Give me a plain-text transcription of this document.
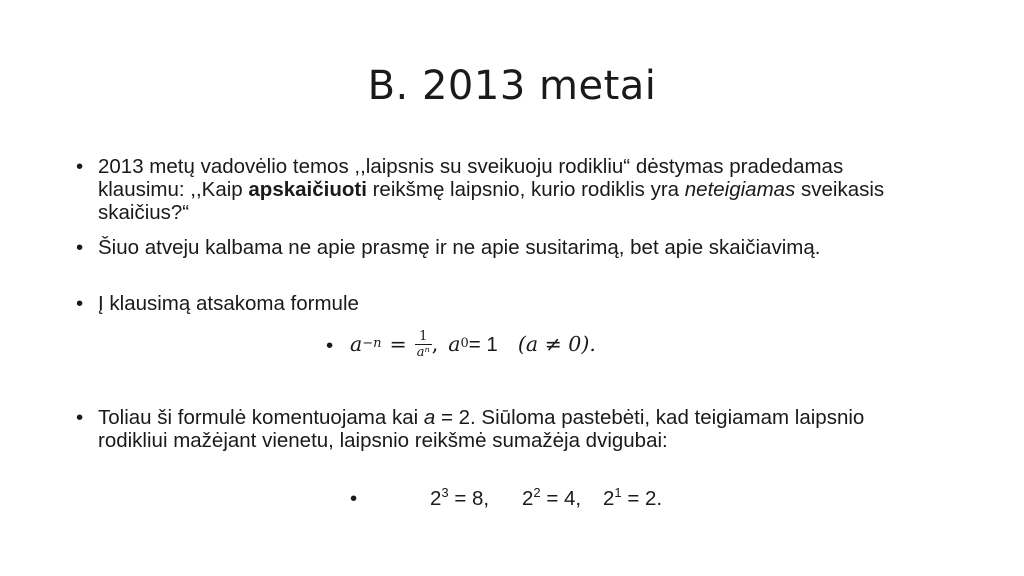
B. 2013 metai
• 2013 metų vadovėlio temos ,,laipsnis su sveikuoju rodikliu“ dėstymas pradedamas klausimu: ,,Kaip apskaičiuoti reikšmę laipsnio, kurio rodiklis yra neteigiamas sveikasis skaičius?“
• Šiuo atveju kalbama ne apie prasmę ir ne apie susitarimą, bet apie skaičiavimą.
• Į klausimą atsakoma formule
• $a -n = \frac{1}{\text{aⁿ}}$ , a 0 = 1 (a ≠ 0).
• Toliau ši formulė komentuojama kai a = 2. Siūloma pastebėti, kad teigiamam laipsnio rodikliui mažėjant vienetu, laipsnio reikšmė sumažėja dvigubai:
•	$2^3 = 8$, $2^2 = 4$, $2^1 = 2$.
